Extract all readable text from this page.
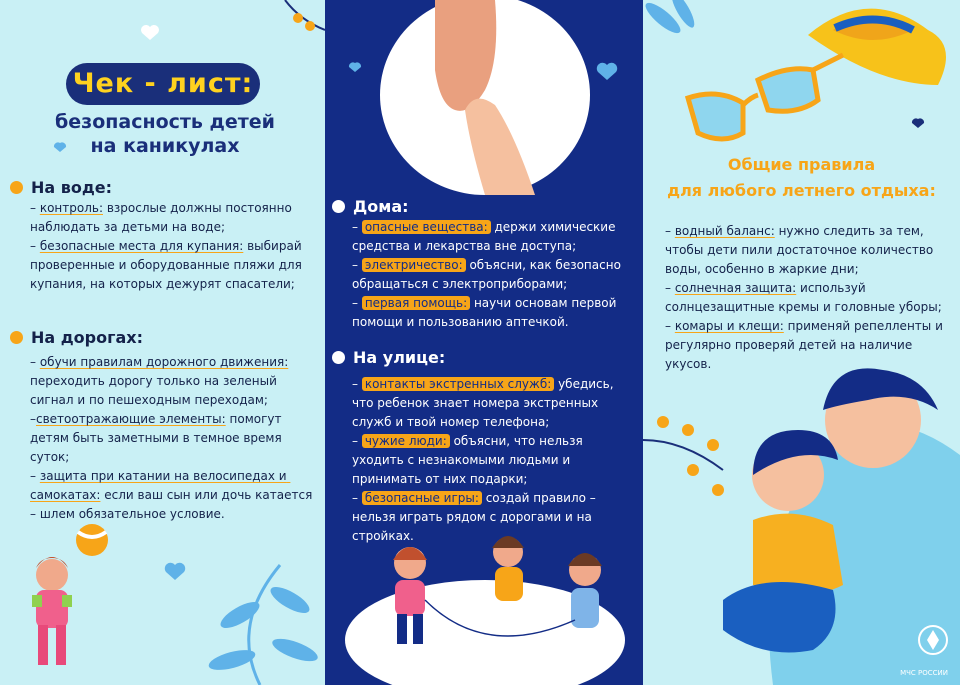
Чек - лист:
безопасность детей
на каникулах
На воде:
– контроль: взрослые должны постоянно наблюдать за детьми на воде;
– безопасные места для купания: выбирай проверенные и оборудованные пляжи для купания, на которых дежурят спасатели;
На дорогах:
– обучи правилам дорожного движения: переходить дорогу только на зеленый сигнал и по пешеходным переходам;
–светоотражающие элементы: помогут детям быть заметными в темное время суток;
– защита при катании на велосипедах и самокатах: если ваш сын или дочь катается – шлем обязательное условие.
Дома:
– опасные вещества: держи химические средства и лекарства вне доступа;
– электричество: объясни, как безопасно обращаться с электроприборами;
– первая помощь: научи основам первой помощи и пользованию аптечкой.
На улице:
– контакты экстренных служб: убедись, что ребенок знает номера экстренных служб и твой номер телефона;
– чужие люди: объясни, что нельзя уходить с незнакомыми людьми и принимать от них подарки;
– безопасные игры: создай правило – нельзя играть рядом с дорогами и на стройках.
Общие правила
для любого летнего отдыха:
– водный баланс: нужно следить за тем, чтобы дети пили достаточное количество воды, особенно в жаркие дни;
– солнечная защита: используй солнцезащитные кремы и головные уборы;
– комары и клещи: применяй репелленты и регулярно проверяй детей на наличие укусов.
МЧС РОССИИ
